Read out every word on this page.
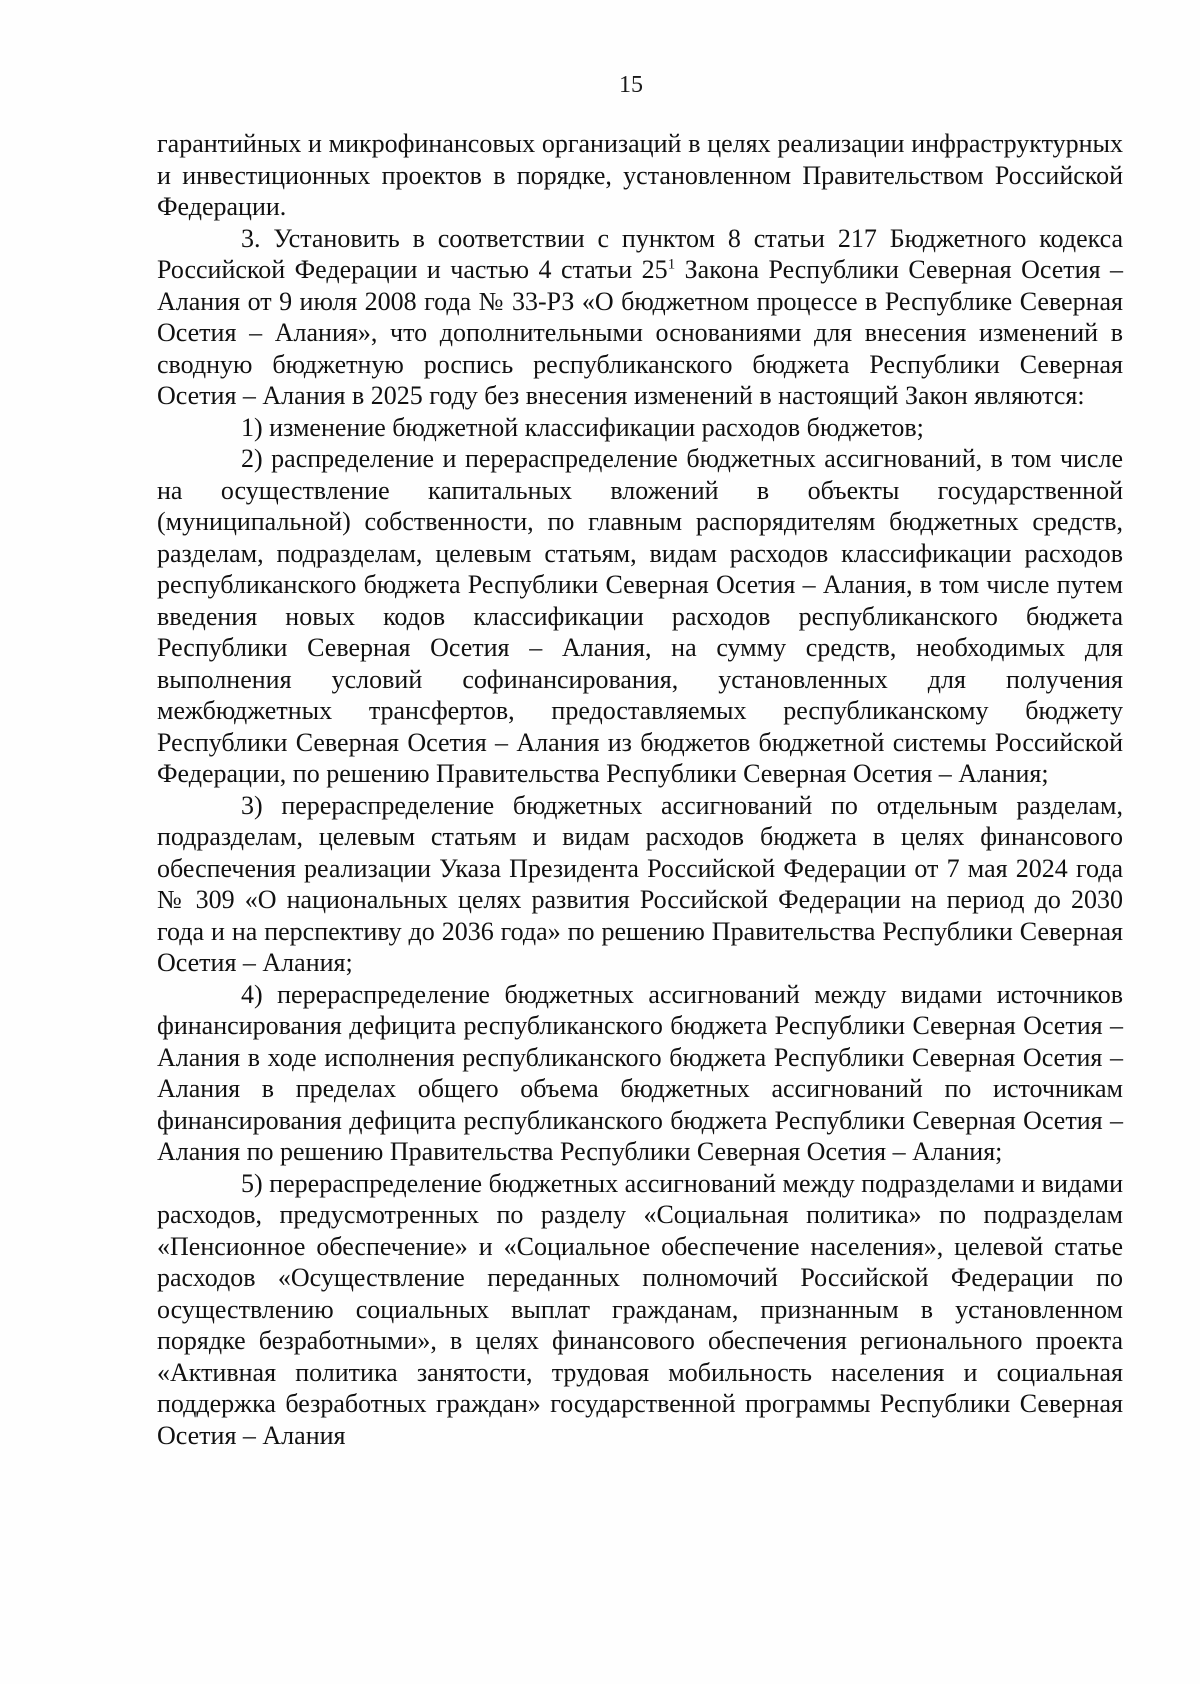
15

гарантийных и микрофинансовых организаций в целях реализации инфраструктурных и инвестиционных проектов в порядке, установленном Правительством Российской Федерации.

3. Установить в соответствии с пунктом 8 статьи 217 Бюджетного кодекса Российской Федерации и частью 4 статьи $25^1$ Закона Республики Северная Осетия – Алания от 9 июля 2008 года № 33-РЗ «О бюджетном процессе в Республике Северная Осетия – Алания», что дополнительными основаниями для внесения изменений в сводную бюджетную роспись республиканского бюджета Республики Северная Осетия – Алания в 2025 году без внесения изменений в настоящий Закон являются:

1) изменение бюджетной классификации расходов бюджетов;

2) распределение и перераспределение бюджетных ассигнований, в том числе на осуществление капитальных вложений в объекты государственной (муниципальной) собственности, по главным распорядителям бюджетных средств, разделам, подразделам, целевым статьям, видам расходов классификации расходов республиканского бюджета Республики Северная Осетия – Алания, в том числе путем введения новых кодов классификации расходов республиканского бюджета Республики Северная Осетия – Алания, на сумму средств, необходимых для выполнения условий софинансирования, установленных для получения межбюджетных трансфертов, предоставляемых республиканскому бюджету Республики Северная Осетия – Алания из бюджетов бюджетной системы Российской Федерации, по решению Правительства Республики Северная Осетия – Алания;

3) перераспределение бюджетных ассигнований по отдельным разделам, подразделам, целевым статьям и видам расходов бюджета в целях финансового обеспечения реализации Указа Президента Российской Федерации от 7 мая 2024 года № 309 «О национальных целях развития Российской Федерации на период до 2030 года и на перспективу до 2036 года» по решению Правительства Республики Северная Осетия – Алания;

4) перераспределение бюджетных ассигнований между видами источников финансирования дефицита республиканского бюджета Республики Северная Осетия – Алания в ходе исполнения республиканского бюджета Республики Северная Осетия – Алания в пределах общего объема бюджетных ассигнований по источникам финансирования дефицита республиканского бюджета Республики Северная Осетия – Алания по решению Правительства Республики Северная Осетия – Алания;

5) перераспределение бюджетных ассигнований между подразделами и видами расходов, предусмотренных по разделу «Социальная политика» по подразделам «Пенсионное обеспечение» и «Социальное обеспечение населения», целевой статье расходов «Осуществление переданных полномочий Российской Федерации по осуществлению социальных выплат гражданам, признанным в установленном порядке безработными», в целях финансового обеспечения регионального проекта «Активная политика занятости, трудовая мобильность населения и социальная поддержка безработных граждан» государственной программы Республики Северная Осетия – Алания
